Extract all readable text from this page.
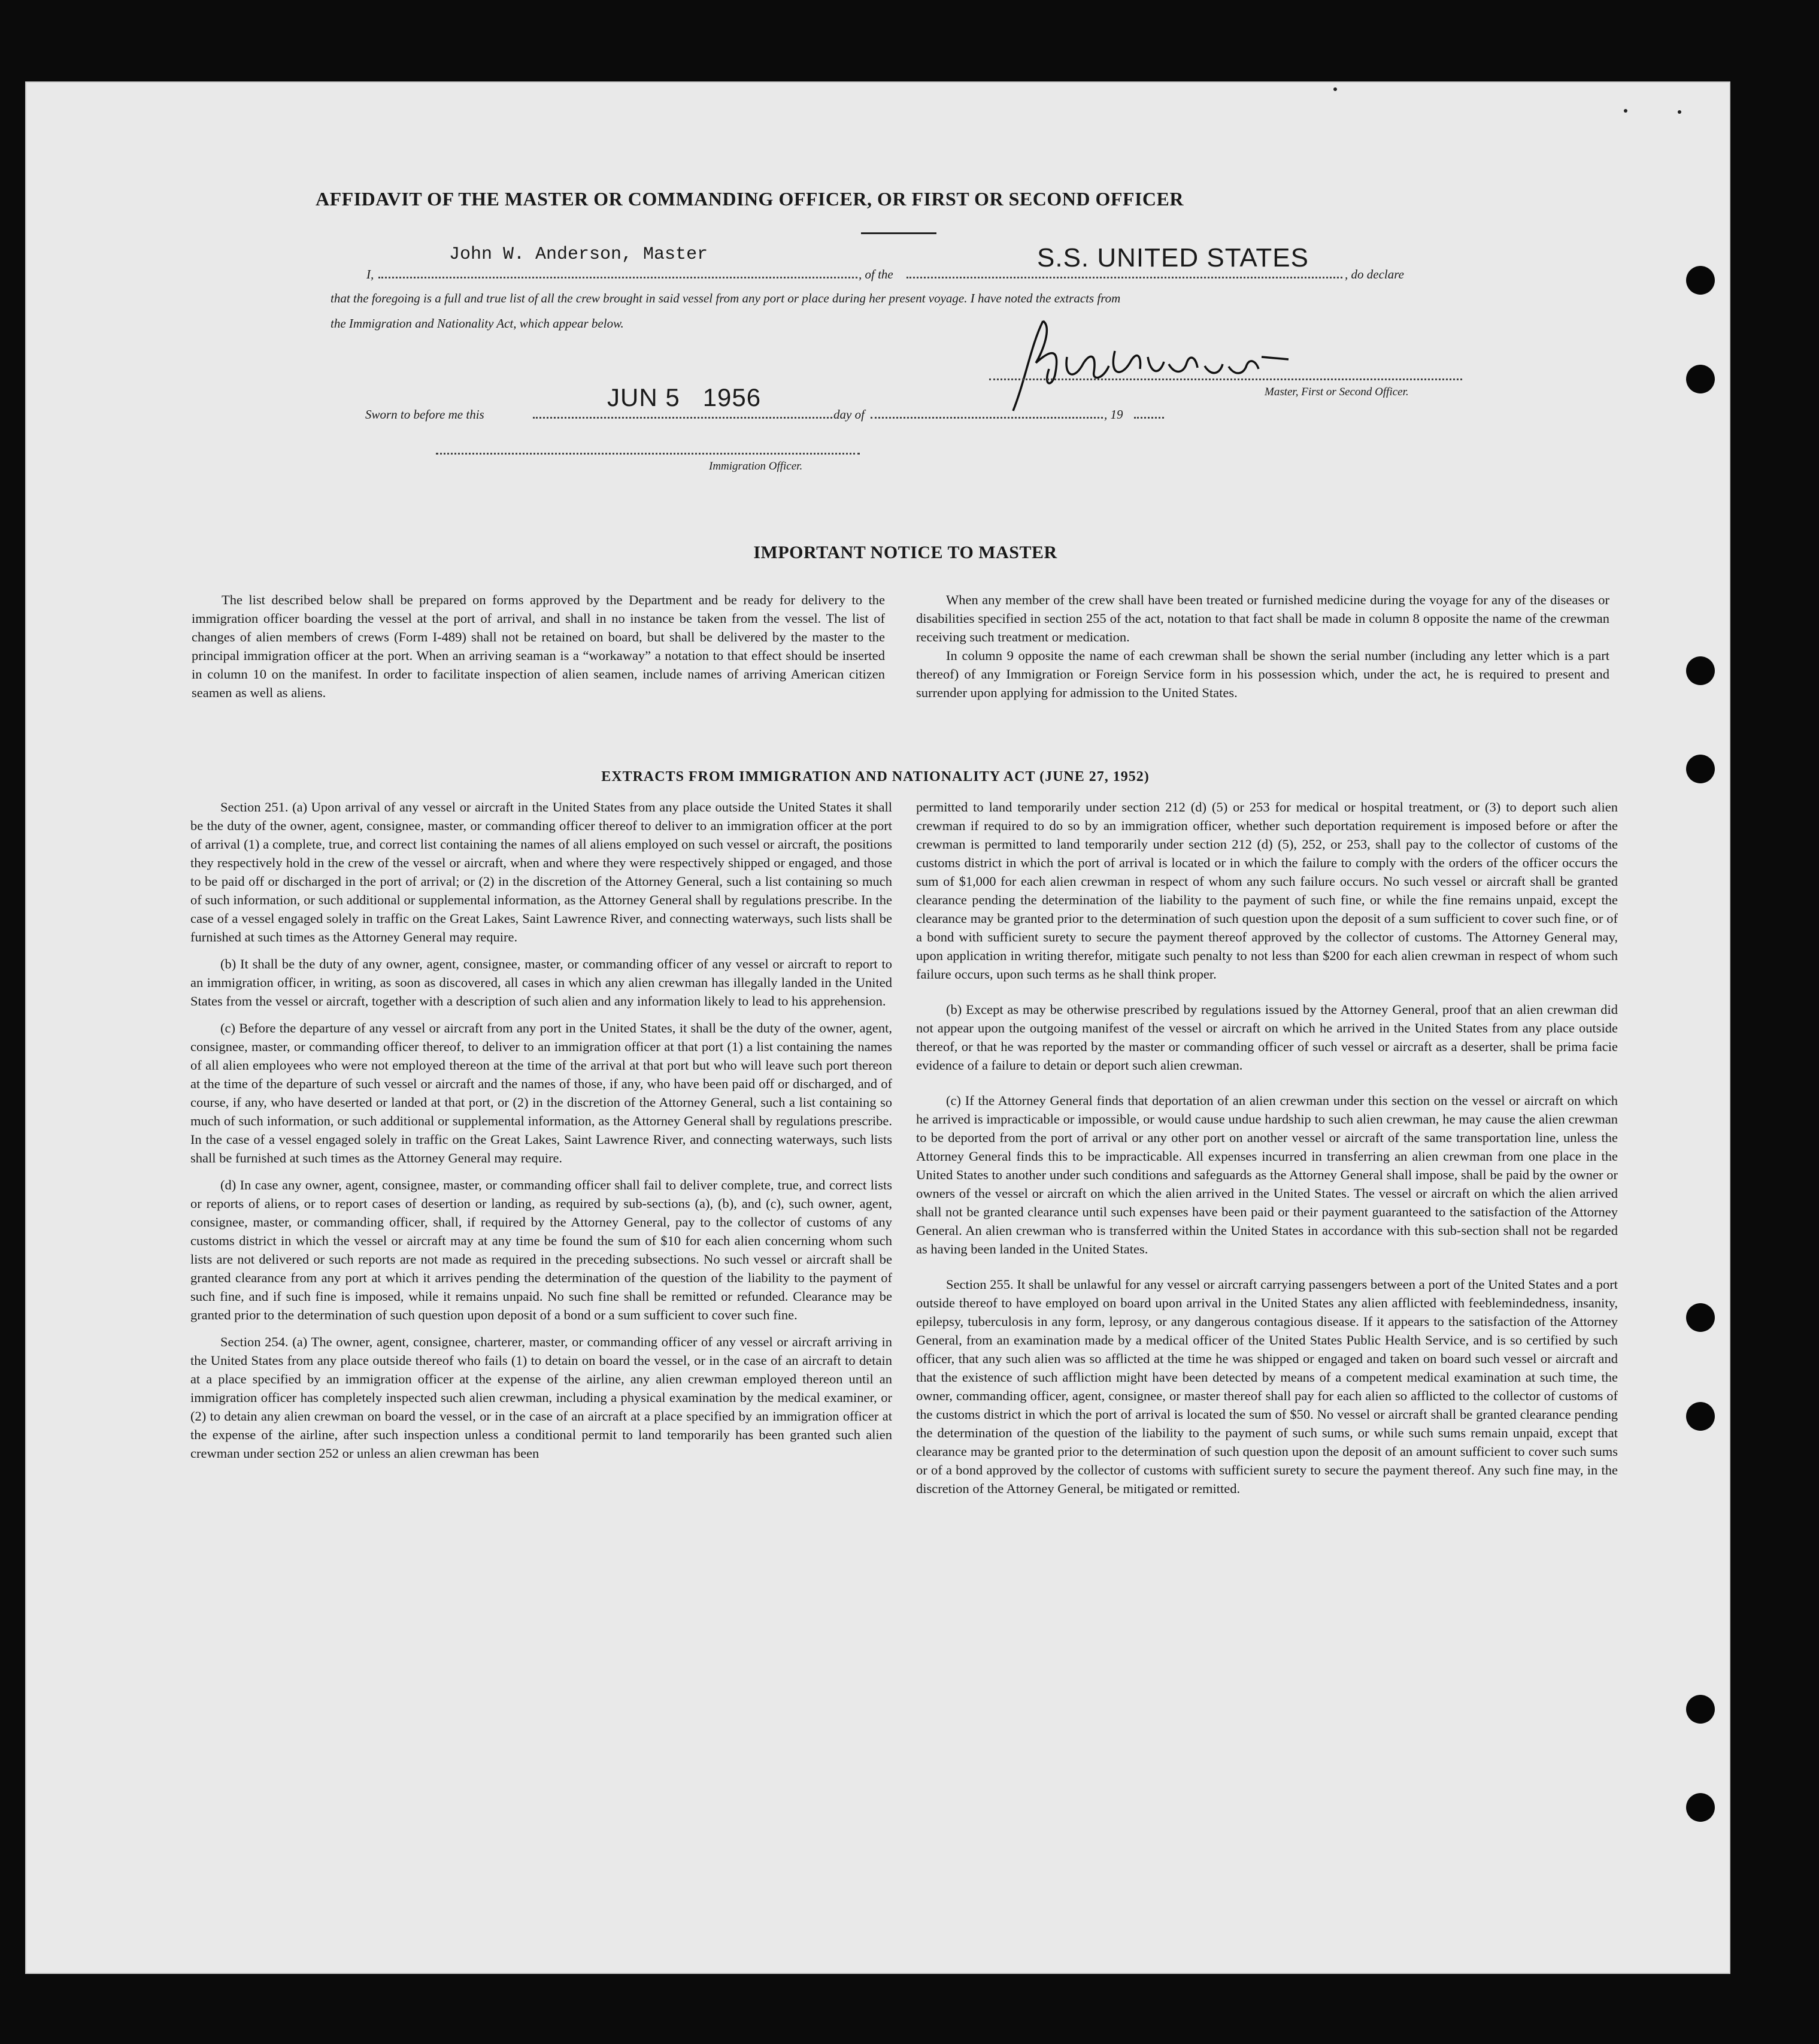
AFFIDAVIT OF THE MASTER OR COMMANDING OFFICER, OR FIRST OR SECOND OFFICER
I,
John W. Anderson, Master
, of the
S.S. UNITED STATES
, do declare
that the foregoing is a full and true list of all the crew brought in said vessel from any port or place during her present voyage. I have noted the extracts from
the Immigration and Nationality Act, which appear below.
Master, First or Second Officer.
Sworn to before me this
JUN 5   1956
day of	, 19
Immigration Officer.
IMPORTANT NOTICE TO MASTER

The list described below shall be prepared on forms approved by the Department and be ready for delivery to the immigration officer boarding the vessel at the port of arrival, and shall in no instance be taken from the vessel. The list of changes of alien members of crews (Form I-489) shall not be retained on board, but shall be delivered by the master to the principal immigration officer at the port. When an arriving seaman is a “workaway” a notation to that effect should be inserted in column 10 on the manifest. In order to facilitate inspection of alien seamen, include names of arriving American citizen seamen as well as aliens.

When any member of the crew shall have been treated or furnished medicine during the voyage for any of the diseases or disabilities specified in section 255 of the act, notation to that fact shall be made in column 8 opposite the name of the crewman receiving such treatment or medication.

In column 9 opposite the name of each crewman shall be shown the serial number (including any letter which is a part thereof) of any Immigration or Foreign Service form in his possession which, under the act, he is required to present and surrender upon applying for admission to the United States.

EXTRACTS FROM IMMIGRATION AND NATIONALITY ACT (JUNE 27, 1952)

Section 251. (a) Upon arrival of any vessel or aircraft in the United States from any place outside the United States it shall be the duty of the owner, agent, consignee, master, or commanding officer thereof to deliver to an immigration officer at the port of arrival (1) a complete, true, and correct list containing the names of all aliens employed on such vessel or aircraft, the positions they respectively hold in the crew of the vessel or aircraft, when and where they were respectively shipped or engaged, and those to be paid off or discharged in the port of arrival; or (2) in the discretion of the Attorney General, such a list containing so much of such information, or such additional or supplemental information, as the Attorney General shall by regulations prescribe. In the case of a vessel engaged solely in traffic on the Great Lakes, Saint Lawrence River, and connecting waterways, such lists shall be furnished at such times as the Attorney General may require.

(b) It shall be the duty of any owner, agent, consignee, master, or commanding officer of any vessel or aircraft to report to an immigration officer, in writing, as soon as discovered, all cases in which any alien crewman has illegally landed in the United States from the vessel or aircraft, together with a description of such alien and any information likely to lead to his apprehension.

(c) Before the departure of any vessel or aircraft from any port in the United States, it shall be the duty of the owner, agent, consignee, master, or commanding officer thereof, to deliver to an immigration officer at that port (1) a list containing the names of all alien employees who were not employed thereon at the time of the arrival at that port but who will leave such port thereon at the time of the departure of such vessel or aircraft and the names of those, if any, who have been paid off or discharged, and of course, if any, who have deserted or landed at that port, or (2) in the discretion of the Attorney General, such a list containing so much of such information, or such additional or supplemental information, as the Attorney General shall by regulations prescribe. In the case of a vessel engaged solely in traffic on the Great Lakes, Saint Lawrence River, and connecting waterways, such lists shall be furnished at such times as the Attorney General may require.

(d) In case any owner, agent, consignee, master, or commanding officer shall fail to deliver complete, true, and correct lists or reports of aliens, or to report cases of desertion or landing, as required by sub-sections (a), (b), and (c), such owner, agent, consignee, master, or commanding officer, shall, if required by the Attorney General, pay to the collector of customs of any customs district in which the vessel or aircraft may at any time be found the sum of $10 for each alien concerning whom such lists are not delivered or such reports are not made as required in the preceding subsections. No such vessel or aircraft shall be granted clearance from any port at which it arrives pending the determination of the question of the liability to the payment of such fine, and if such fine is imposed, while it remains unpaid. No such fine shall be remitted or refunded. Clearance may be granted prior to the determination of such question upon deposit of a bond or a sum sufficient to cover such fine.

Section 254. (a) The owner, agent, consignee, charterer, master, or commanding officer of any vessel or aircraft arriving in the United States from any place outside thereof who fails (1) to detain on board the vessel, or in the case of an aircraft to detain at a place specified by an immigration officer at the expense of the airline, any alien crewman employed thereon until an immigration officer has completely inspected such alien crewman, including a physical examination by the medical examiner, or (2) to detain any alien crewman on board the vessel, or in the case of an aircraft at a place specified by an immigration officer at the expense of the airline, after such inspection unless a conditional permit to land temporarily has been granted such alien crewman under section 252 or unless an alien crewman has been

permitted to land temporarily under section 212 (d) (5) or 253 for medical or hospital treatment, or (3) to deport such alien crewman if required to do so by an immigration officer, whether such deportation requirement is imposed before or after the crewman is permitted to land temporarily under section 212 (d) (5), 252, or 253, shall pay to the collector of customs of the customs district in which the port of arrival is located or in which the failure to comply with the orders of the officer occurs the sum of $1,000 for each alien crewman in respect of whom any such failure occurs. No such vessel or aircraft shall be granted clearance pending the determination of the liability to the payment of such fine, or while the fine remains unpaid, except the clearance may be granted prior to the determination of such question upon the deposit of a sum sufficient to cover such fine, or of a bond with sufficient surety to secure the payment thereof approved by the collector of customs. The Attorney General may, upon application in writing therefor, mitigate such penalty to not less than $200 for each alien crewman in respect of whom such failure occurs, upon such terms as he shall think proper.

(b) Except as may be otherwise prescribed by regulations issued by the Attorney General, proof that an alien crewman did not appear upon the outgoing manifest of the vessel or aircraft on which he arrived in the United States from any place outside thereof, or that he was reported by the master or commanding officer of such vessel or aircraft as a deserter, shall be prima facie evidence of a failure to detain or deport such alien crewman.

(c) If the Attorney General finds that deportation of an alien crewman under this section on the vessel or aircraft on which he arrived is impracticable or impossible, or would cause undue hardship to such alien crewman, he may cause the alien crewman to be deported from the port of arrival or any other port on another vessel or aircraft of the same transportation line, unless the Attorney General finds this to be impracticable. All expenses incurred in transferring an alien crewman from one place in the United States to another under such conditions and safeguards as the Attorney General shall impose, shall be paid by the owner or owners of the vessel or aircraft on which the alien arrived in the United States. The vessel or aircraft on which the alien arrived shall not be granted clearance until such expenses have been paid or their payment guaranteed to the satisfaction of the Attorney General. An alien crewman who is transferred within the United States in accordance with this sub-section shall not be regarded as having been landed in the United States.

Section 255. It shall be unlawful for any vessel or aircraft carrying passengers between a port of the United States and a port outside thereof to have employed on board upon arrival in the United States any alien afflicted with feeblemindedness, insanity, epilepsy, tuberculosis in any form, leprosy, or any dangerous contagious disease. If it appears to the satisfaction of the Attorney General, from an examination made by a medical officer of the United States Public Health Service, and is so certified by such officer, that any such alien was so afflicted at the time he was shipped or engaged and taken on board such vessel or aircraft and that the existence of such affliction might have been detected by means of a competent medical examination at such time, the owner, commanding officer, agent, consignee, or master thereof shall pay for each alien so afflicted to the collector of customs of the customs district in which the port of arrival is located the sum of $50. No vessel or aircraft shall be granted clearance pending the determination of the question of the liability to the payment of such sums, or while such sums remain unpaid, except that clearance may be granted prior to the determination of such question upon the deposit of an amount sufficient to cover such sums or of a bond approved by the collector of customs with sufficient surety to secure the payment thereof. Any such fine may, in the discretion of the Attorney General, be mitigated or remitted.
